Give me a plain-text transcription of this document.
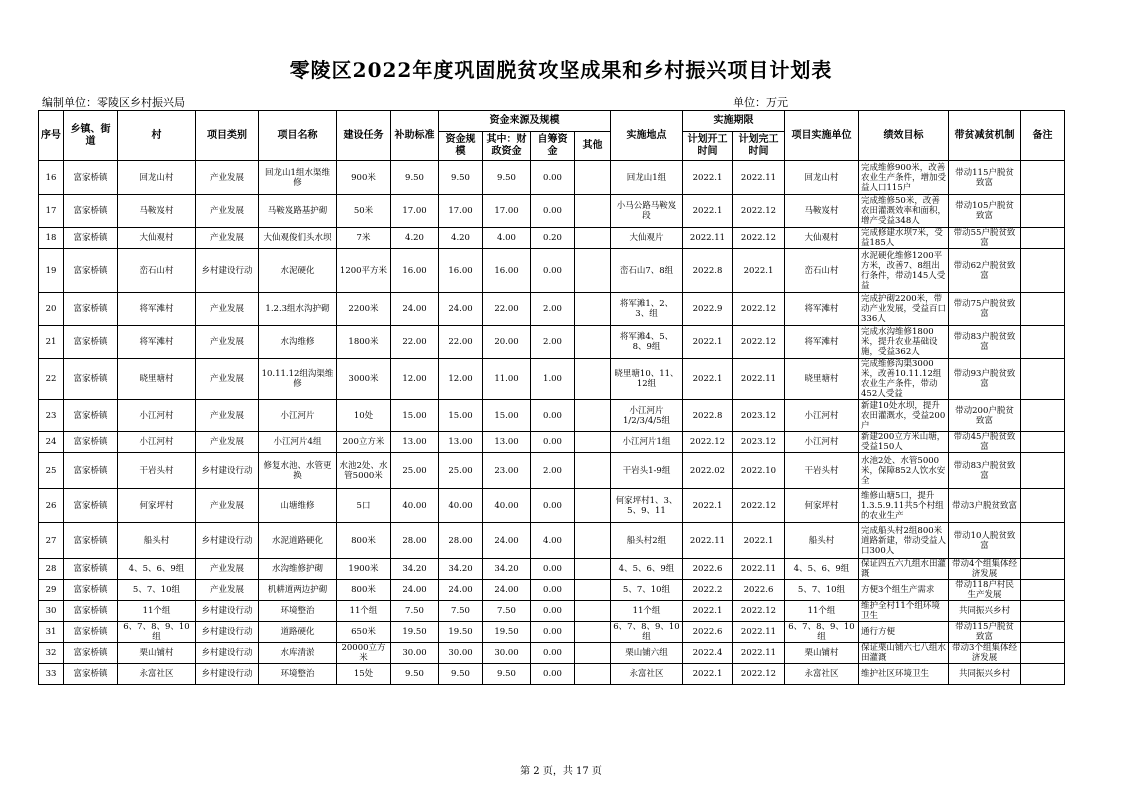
零陵区2022年度巩固脱贫攻坚成果和乡村振兴项目计划表
编制单位：零陵区乡村振兴局	单位：万元
序号	乡镇、街道	村	项目类别	项目名称	建设任务	补助标准	资金来源及规模				实施地点	实施期限		项目实施单位	绩效目标	带贫减贫机制	备注
							资金规模	其中：财政资金	自筹资金	其他		计划开工时间	计划完工时间				
16	富家桥镇	回龙山村	产业发展	回龙山1组水渠维修	900米	9.50	9.50	9.50	0.00		回龙山1组	2022.1	2022.11	回龙山村	完成维修900米，改善农业生产条件，增加受益人口115户	带动115户脱贫致富	
17	富家桥镇	马鞍岌村	产业发展	马鞍岌路基护砌	50米	17.00	17.00	17.00	0.00		小马公路马鞍岌段	2022.1	2022.12	马鞍岌村	完成维修50米，改善农田灌溉效率和面积，增产受益348人	带动105户脱贫致富	
18	富家桥镇	大仙观村	产业发展	大仙观俊们头水坝	7米	4.20	4.20	4.00	0.20		大仙观片	2022.11	2022.12	大仙观村	完成修建水坝7米，受益185人	带动55户脱贫致富	
19	富家桥镇	峦石山村	乡村建设行动	水泥硬化	1200平方米	16.00	16.00	16.00	0.00		峦石山7、8组	2022.8	2022.1	峦石山村	水泥硬化维修1200平方米，改善7、8组出行条件，带动145人受益	带动62户脱贫致富	
20	富家桥镇	将军滩村	产业发展	1.2.3组水沟护砌	2200米	24.00	24.00	22.00	2.00		将军滩1、2、3、组	2022.9	2022.12	将军滩村	完成护砌2200米，带动产业发展，受益百口336人	带动75户脱贫致富	
21	富家桥镇	将军滩村	产业发展	水沟维修	1800米	22.00	22.00	20.00	2.00		将军滩4、5、8、9组	2022.1	2022.12	将军滩村	完成水沟维修1800米，提升农业基础设施，受益362人	带动83户脱贫致富	
22	富家桥镇	晓里塘村	产业发展	10.11.12组沟渠维修	3000米	12.00	12.00	11.00	1.00		晓里塘10、11、12组	2022.1	2022.11	晓里塘村	完成维修沟渠3000米，改善10.11.12组农业生产条件，带动452人受益	带动93户脱贫致富	
23	富家桥镇	小江河村	产业发展	小江河片	10处	15.00	15.00	15.00	0.00		小江河片1/2/3/4/5组	2022.8	2023.12	小江河村	新建10处水坝，提升农田灌溉水，受益200户	带动200户脱贫致富	
24	富家桥镇	小江河村	产业发展	小江河片4组	200立方米	13.00	13.00	13.00	0.00		小江河片1组	2022.12	2023.12	小江河村	新建200立方米山塘，受益150人	带动45户脱贫致富	
25	富家桥镇	干岩头村	乡村建设行动	修复水池、水管更换	水池2处、水管5000米	25.00	25.00	23.00	2.00		干岩头1-9组	2022.02	2022.10	干岩头村	水池2处、水管5000米，保障852人饮水安全	带动83户脱贫致富	
26	富家桥镇	何家坪村	产业发展	山塘维修	5口	40.00	40.00	40.00	0.00		何家坪村1、3、5、9、11	2022.1	2022.12	何家坪村	维修山塘5口，提升1.3.5.9.11共5个村组的农业生产	带动3户脱贫致富	
27	富家桥镇	船头村	乡村建设行动	水泥道路硬化	800米	28.00	28.00	24.00	4.00		船头村2组	2022.11	2022.1	船头村	完成船头村2组800米道路新建，带动受益人口300人	带动10人脱贫致富	
28	富家桥镇	4、5、6、9组	产业发展	水沟维修护砌	1900米	34.20	34.20	34.20	0.00		4、5、6、9组	2022.6	2022.11	4、5、6、9组	保证四五六九组水田灌溉	带动4个组集体经济发展	
29	富家桥镇	5、7、10组	产业发展	机耕道两边护砌	800米	24.00	24.00	24.00	0.00		5、7、10组	2022.2	2022.6	5、7、10组	方便3个组生产需求	带动118户村民生产发展	
30	富家桥镇	11个组	乡村建设行动	环境整治	11个组	7.50	7.50	7.50	0.00		11个组	2022.1	2022.12	11个组	维护全村11个组环境卫生	共同振兴乡村	
31	富家桥镇	6、7、8、9、10组	乡村建设行动	道路硬化	650米	19.50	19.50	19.50	0.00		6、7、8、9、10组	2022.6	2022.11	6、7、8、9、10组	通行方便	带动115户脱贫致富	
32	富家桥镇	栗山铺村	乡村建设行动	水库清淤	20000立方米	30.00	30.00	30.00	0.00		栗山铺六组	2022.4	2022.11	栗山铺村	保证栗山铺六七八组水田灌溉	带动3个组集体经济发展	
33	富家桥镇	永富社区	乡村建设行动	环境整治	15处	9.50	9.50	9.50	0.00		永富社区	2022.1	2022.12	永富社区	维护社区环境卫生	共同振兴乡村	
第 2 页，共 17 页
